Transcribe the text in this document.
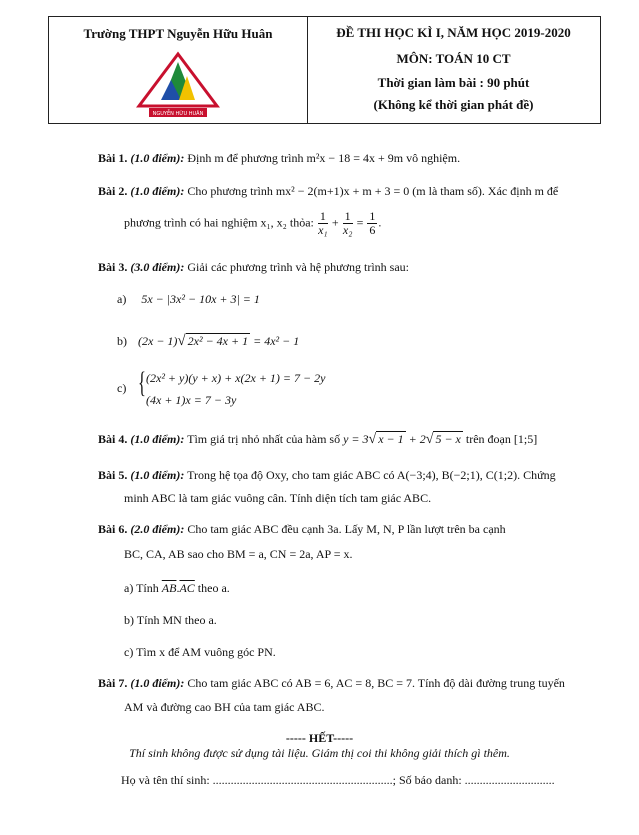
Trường THPT Nguyễn Hữu Huân
NGUYỄN HỮU HUÂN
ĐỀ THI HỌC KÌ I, NĂM HỌC 2019-2020
MÔN: TOÁN 10 CT
Thời gian làm bài : 90 phút
(Không kể thời gian phát đề)
Bài 1. (1.0 điểm): Định m để phương trình m²x − 18 = 4x + 9m vô nghiệm.
Bài 2. (1.0 điểm): Cho phương trình mx² − 2(m+1)x + m + 3 = 0 (m là tham số). Xác định m để
phương trình có hai nghiệm x₁, x₂ thỏa: $\frac{1}{\text{x₁}} + \frac{1}{\text{x₂}} = \frac{1}{6}$ .
Bài 3. (3.0 điểm): Giải các phương trình và hệ phương trình sau:
a) 5x − |3x² − 10x + 3| = 1
b) (2x − 1)√ 2x² − 4x + 1 = 4x² − 1
c) { (2x² + y)(y + x) + x(2x + 1) = 7 − 2y
(4x + 1)x = 7 − 3y
Bài 4. (1.0 điểm): Tìm giá trị nhỏ nhất của hàm số y = 3√ x − 1 + 2√ 5 − x trên đoạn [1;5]
Bài 5. (1.0 điểm): Trong hệ tọa độ Oxy, cho tam giác ABC có A(−3;4), B(−2;1), C(1;2). Chứng
minh ABC là tam giác vuông cân. Tính diện tích tam giác ABC.
Bài 6. (2.0 điểm): Cho tam giác ABC đều cạnh 3a. Lấy M, N, P lần lượt trên ba cạnh
BC, CA, AB sao cho BM = a, CN = 2a, AP = x.
a) Tính $\overline{AB}.\overline{AC}$ theo a.
b) Tính MN theo a.
c) Tìm x để AM vuông góc PN.
Bài 7. (1.0 điểm): Cho tam giác ABC có AB = 6, AC = 8, BC = 7. Tính độ dài đường trung tuyến
AM và đường cao BH của tam giác ABC.
----- HẾT-----
Thí sinh không được sử dụng tài liệu. Giám thị coi thi không giải thích gì thêm.
Họ và tên thí sinh: ............................................................; Số báo danh: ..............................
